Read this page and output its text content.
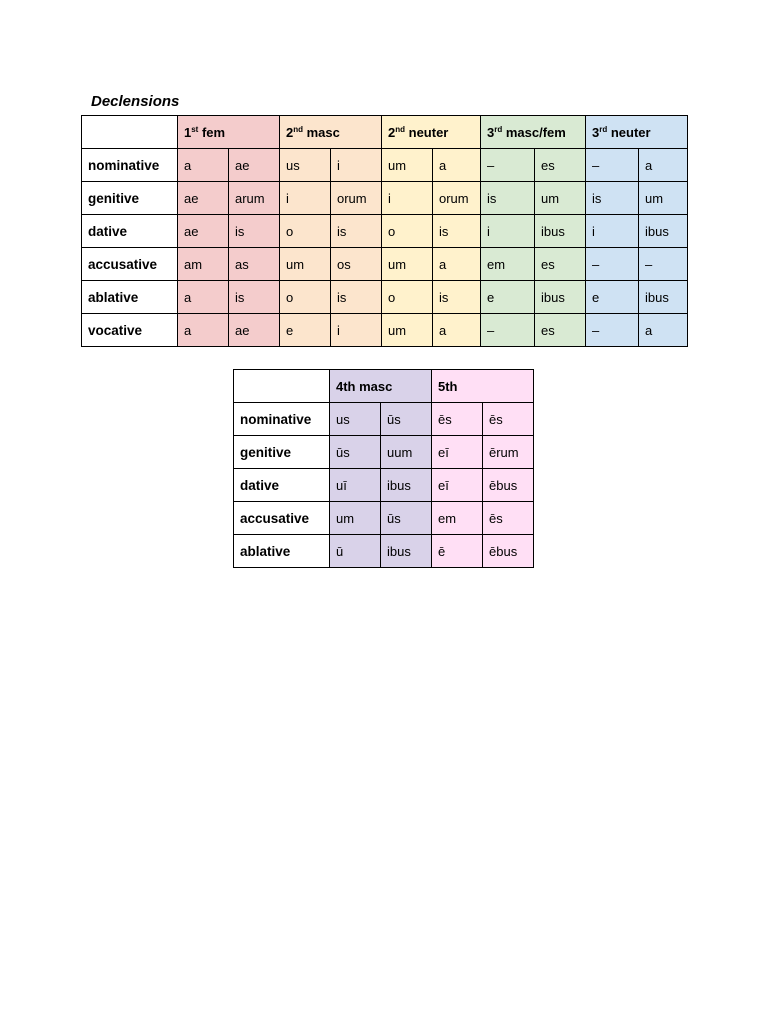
Declensions
	1st fem		2nd masc		2nd neuter		3rd masc/fem		3rd neuter	
nominative	a	ae	us	i	um	a	–	es	–	a
genitive	ae	arum	i	orum	i	orum	is	um	is	um
dative	ae	is	o	is	o	is	i	ibus	i	ibus
accusative	am	as	um	os	um	a	em	es	–	–
ablative	a	is	o	is	o	is	e	ibus	e	ibus
vocative	a	ae	e	i	um	a	–	es	–	a
	4th masc		5th	
nominative	us	ūs	ēs	ēs
genitive	ūs	uum	eī	ērum
dative	uī	ibus	eī	ēbus
accusative	um	ūs	em	ēs
ablative	ū	ibus	ē	ēbus
